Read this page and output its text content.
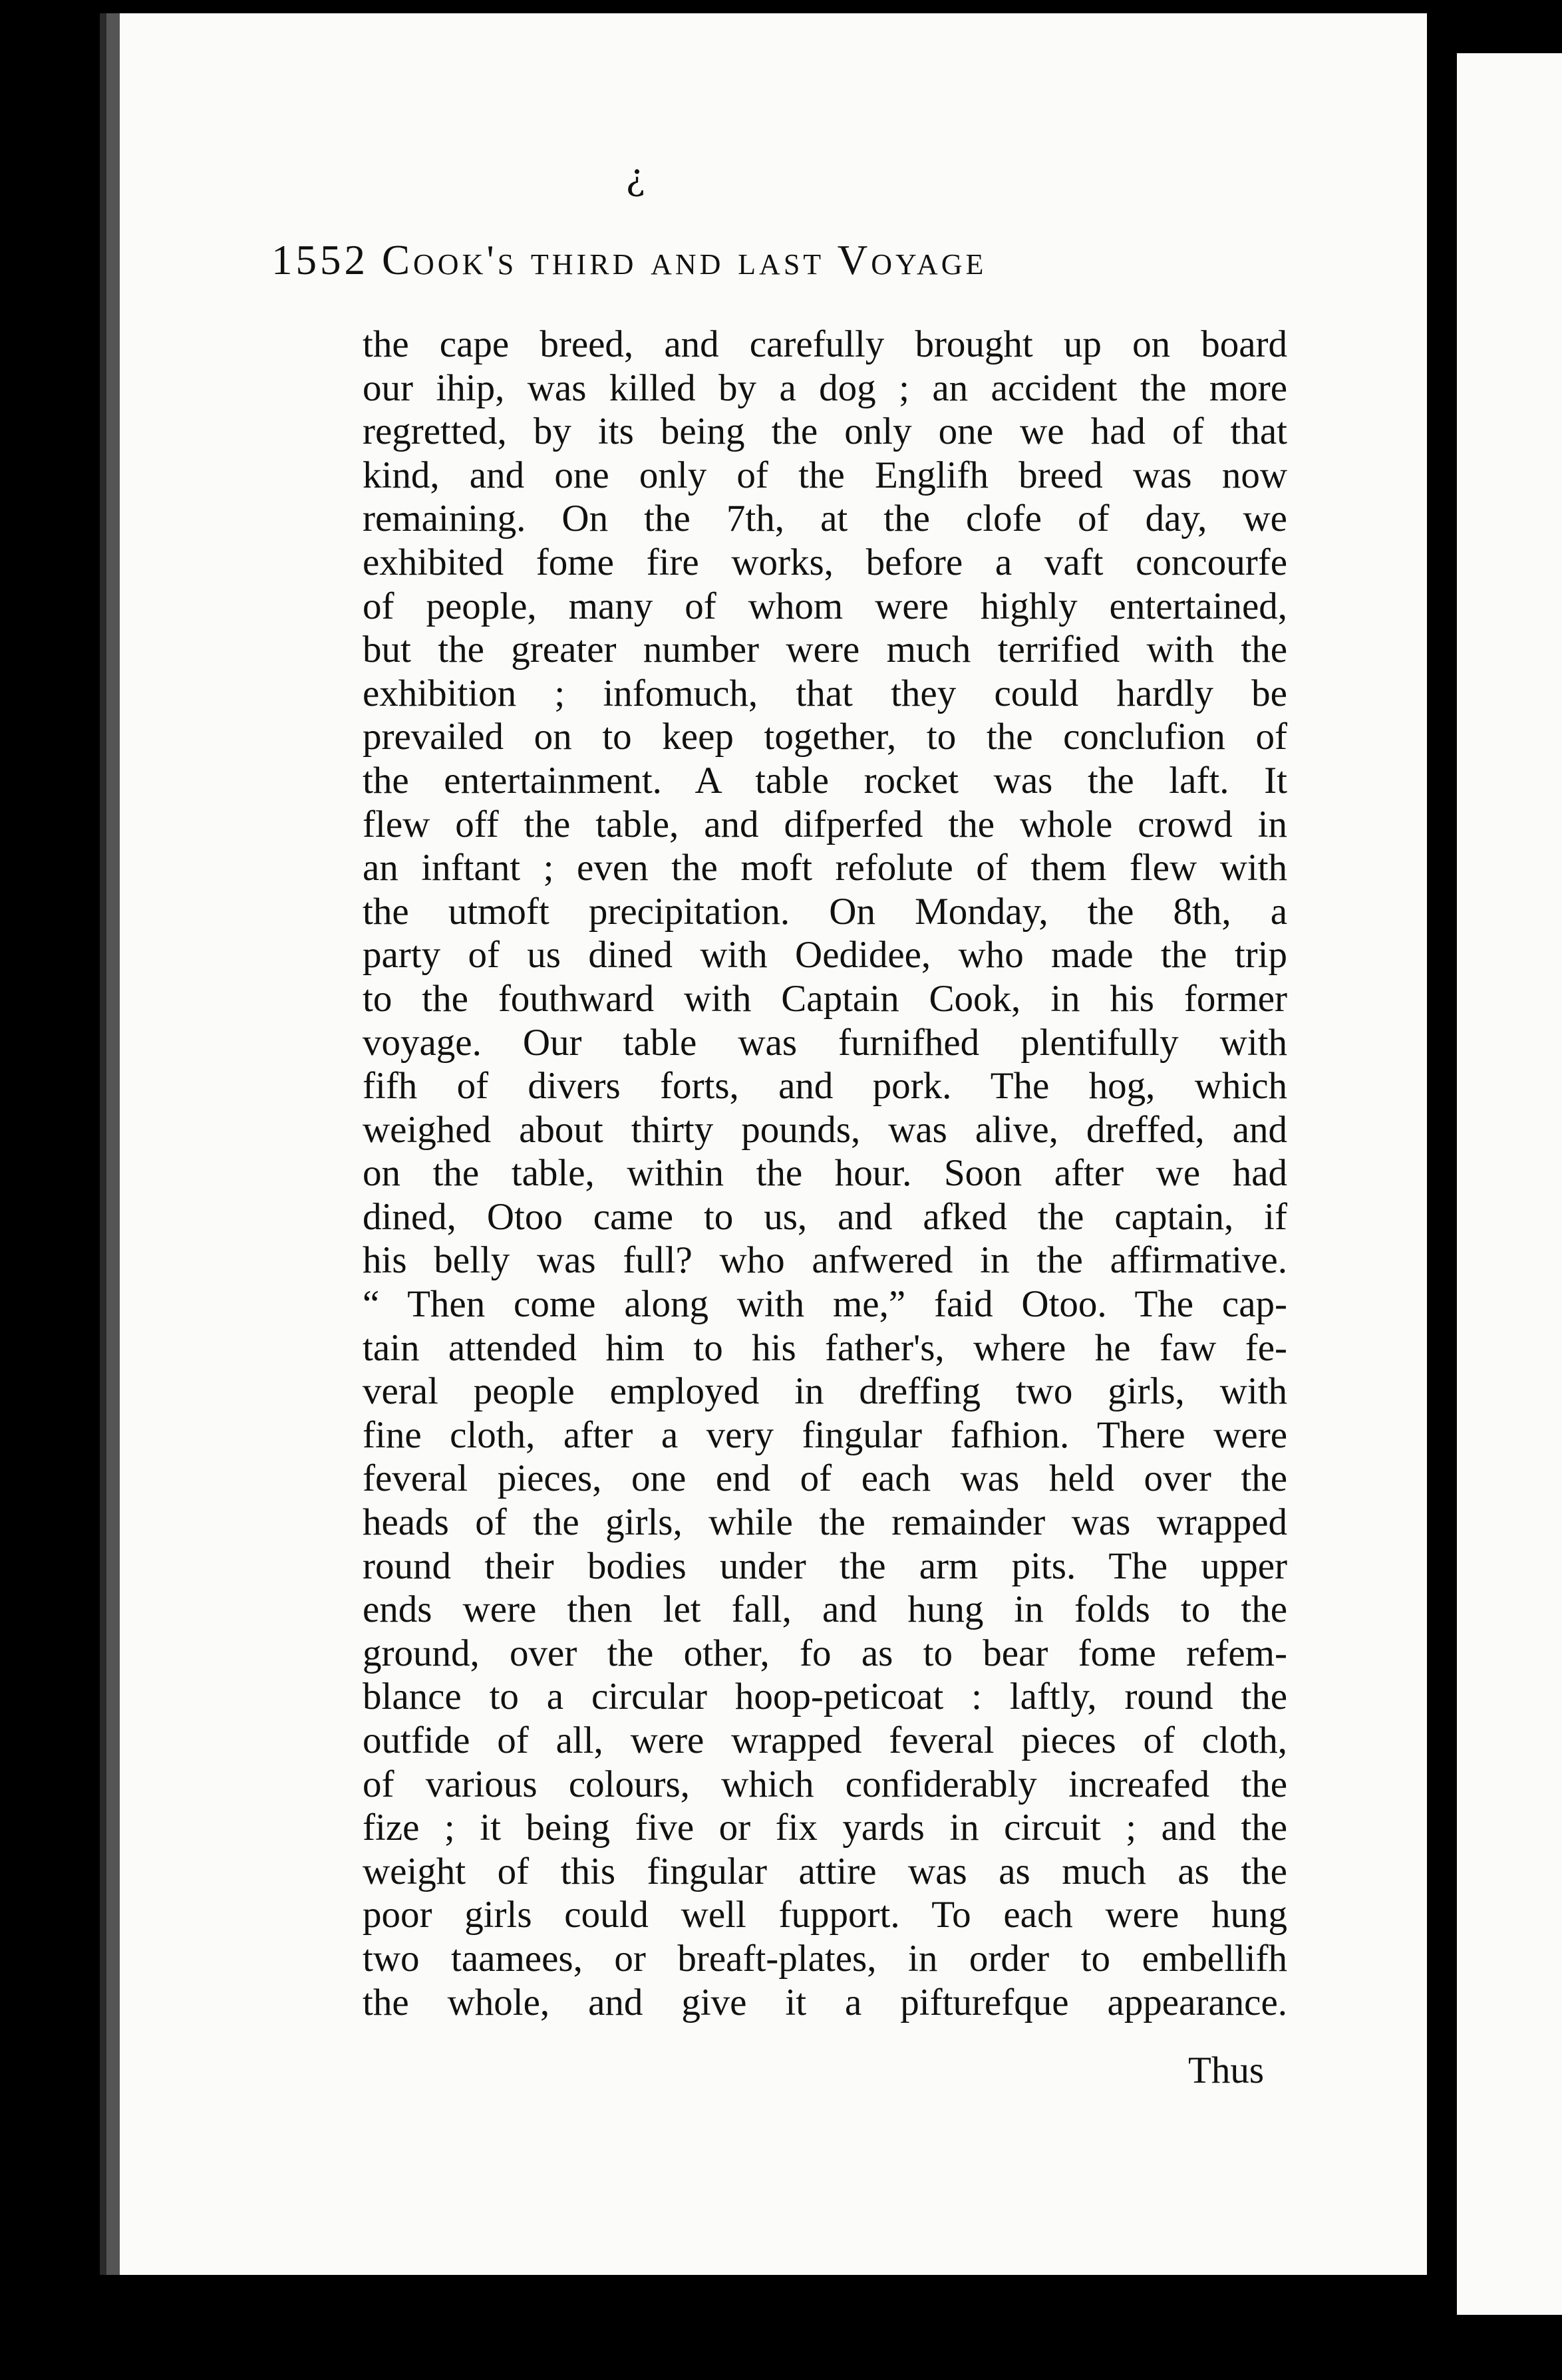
¿
1552 Cook's third and last Voyage
the cape breed, and carefully brought up on board
our ihip, was killed by a dog ; an accident the more
regretted, by its being the only one we had of that
kind, and one only of the Englifh breed was now
remaining. On the 7th, at the clofe of day, we
exhibited fome fire works, before a vaft concourfe
of people, many of whom were highly entertained,
but the greater number were much terrified with the
exhibition ; infomuch, that they could hardly be
prevailed on to keep together, to the conclufion of
the entertainment. A table rocket was the laft. It
flew off the table, and difperfed the whole crowd in
an inftant ; even the moft refolute of them flew with
the utmoft precipitation. On Monday, the 8th, a
party of us dined with Oedidee, who made the trip
to the fouthward with Captain Cook, in his former
voyage. Our table was furnifhed plentifully with
fifh of divers forts, and pork. The hog, which
weighed about thirty pounds, was alive, dreffed, and
on the table, within the hour. Soon after we had
dined, Otoo came to us, and afked the captain, if
his belly was full? who anfwered in the affirmative.
“ Then come along with me,” faid Otoo. The cap-
tain attended him to his father's, where he faw fe-
veral people employed in dreffing two girls, with
fine cloth, after a very fingular fafhion. There were
feveral pieces, one end of each was held over the
heads of the girls, while the remainder was wrapped
round their bodies under the arm pits. The upper
ends were then let fall, and hung in folds to the
ground, over the other, fo as to bear fome refem-
blance to a circular hoop-peticoat : laftly, round the
outfide of all, were wrapped feveral pieces of cloth,
of various colours, which confiderably increafed the
fize ; it being five or fix yards in circuit ; and the
weight of this fingular attire was as much as the
poor girls could well fupport. To each were hung
two taamees, or breaft-plates, in order to embellifh
the whole, and give it a pifturefque appearance.
Thus
